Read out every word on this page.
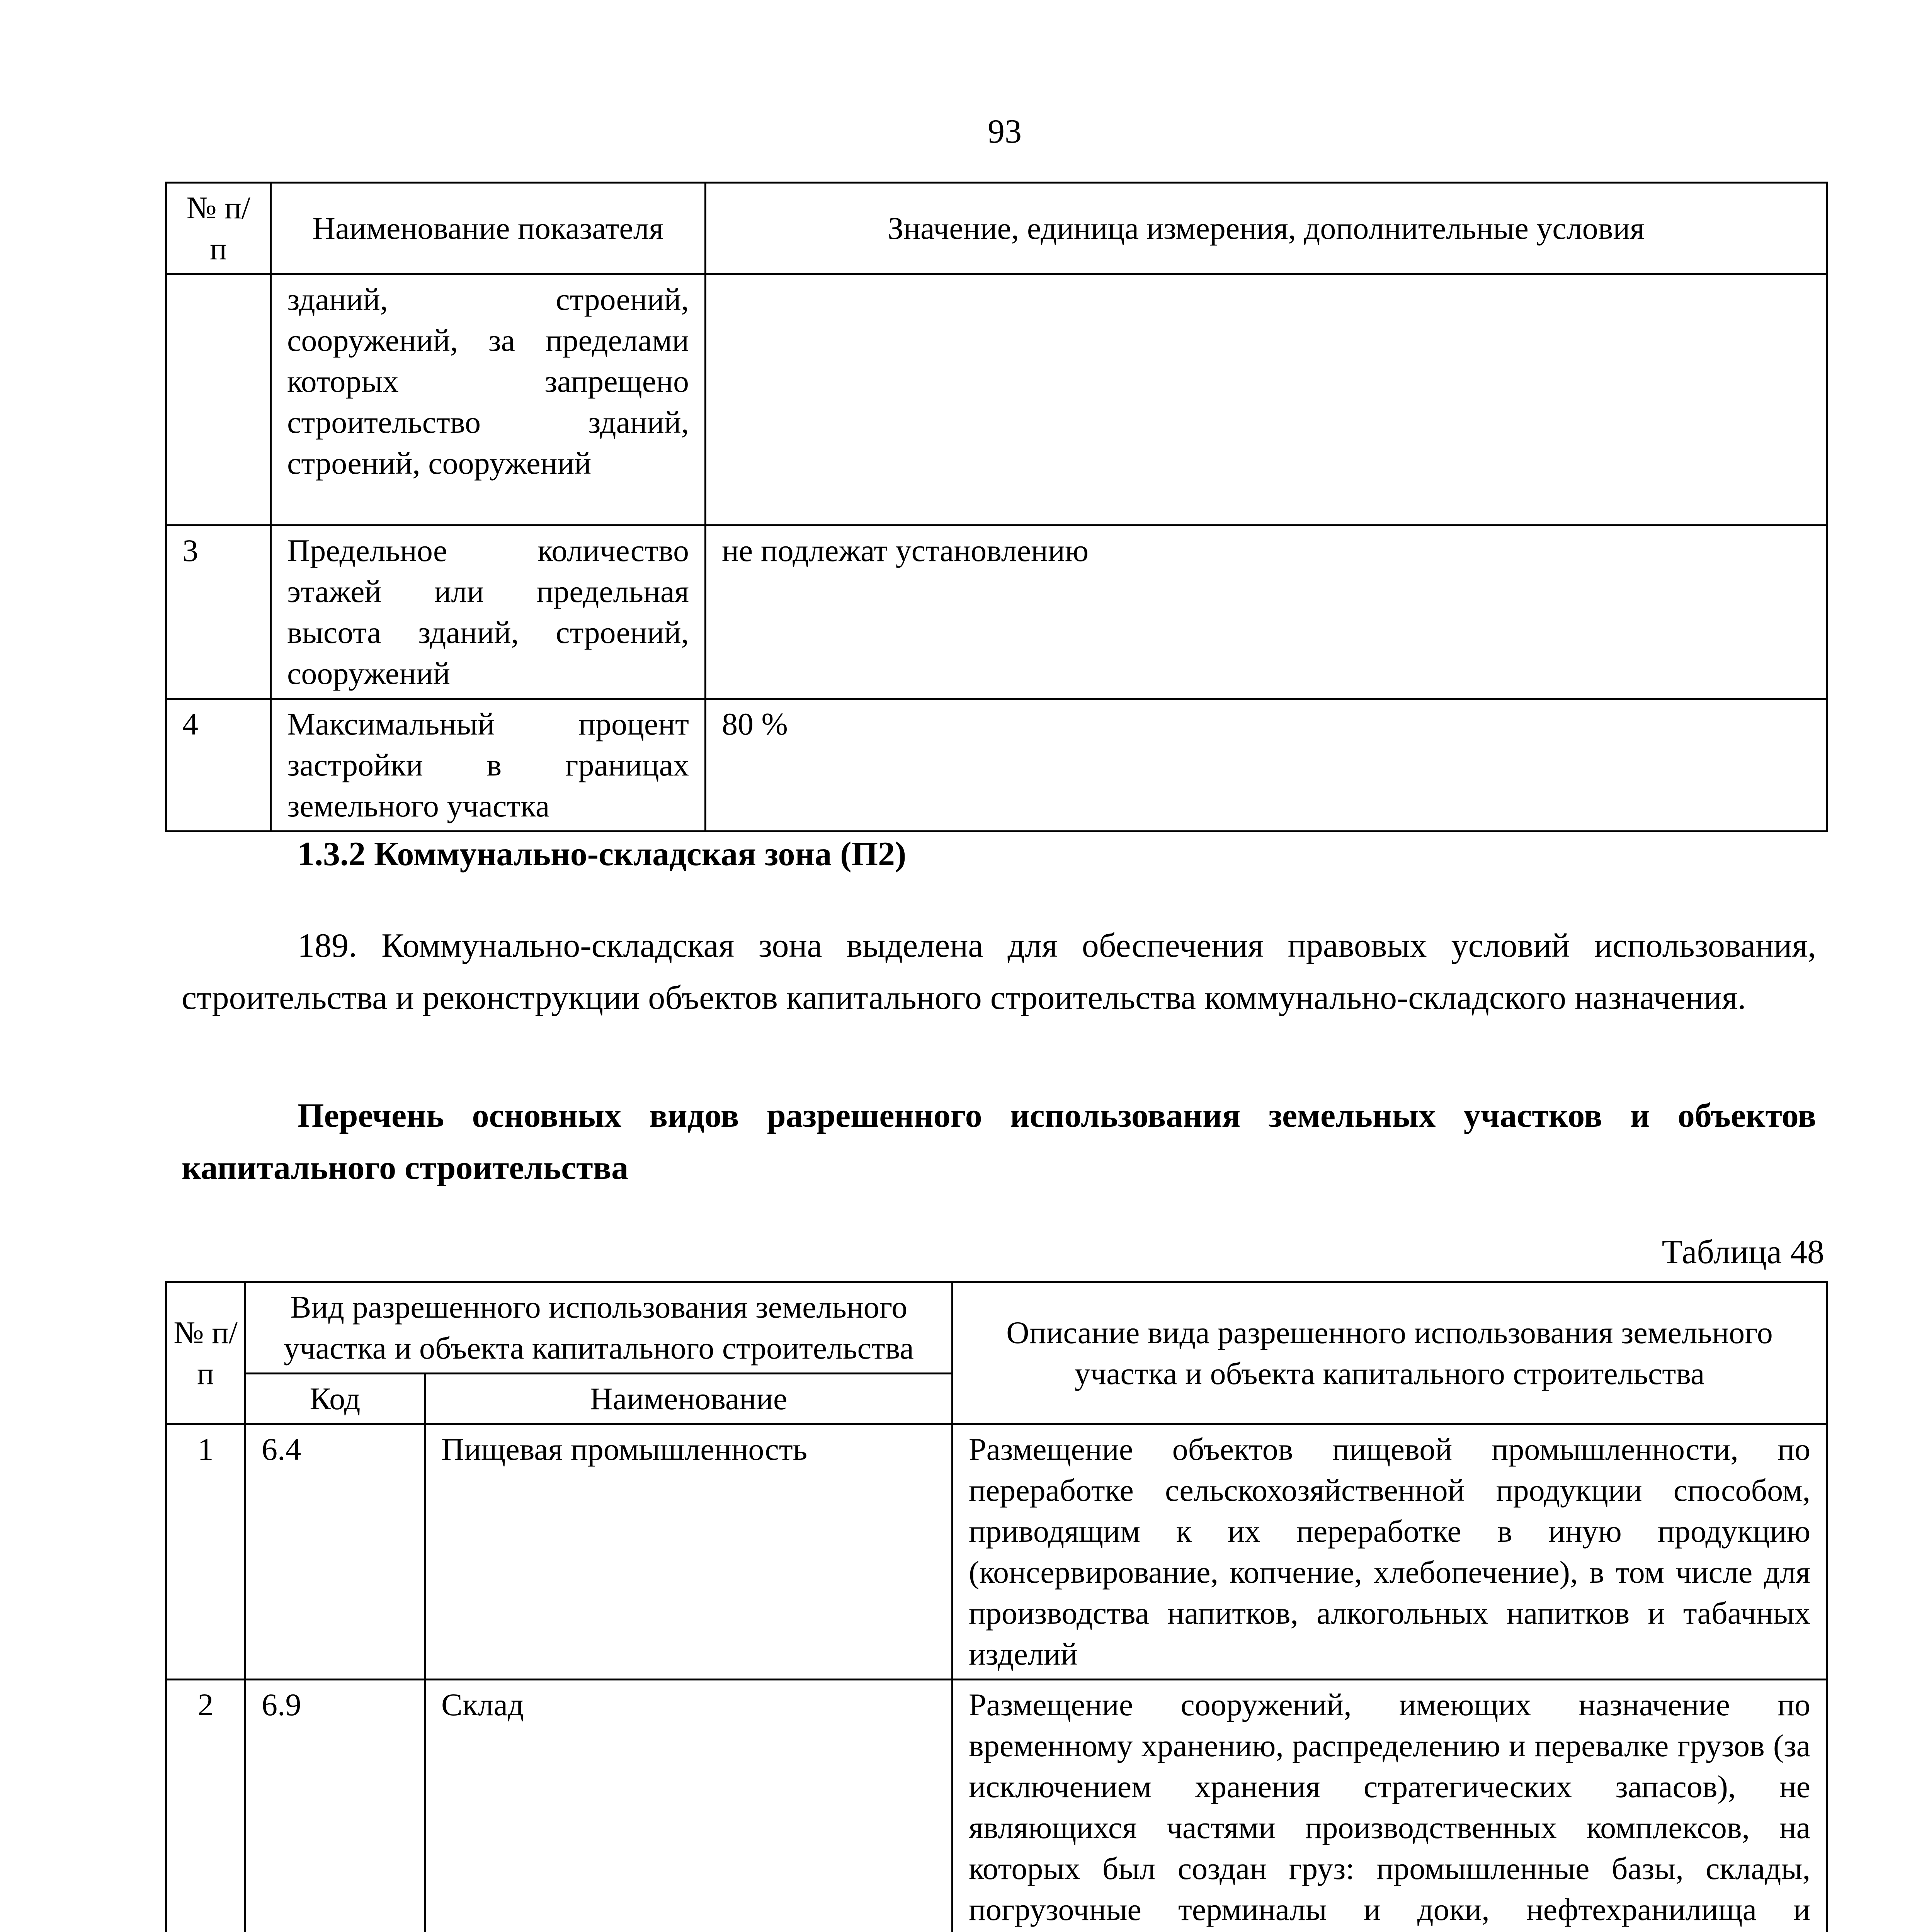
93
№ п/п	Наименование показателя	Значение, единица измерения, дополнительные условия
	зданий, строений, сооружений, за пределами которых запрещено строительство зданий, строений, сооружений	
3	Предельное количество этажей или предельная высота зданий, строений, сооружений	не подлежат установлению
4	Максимальный процент застройки в границах земельного участка	80 %
1.3.2 Коммунально-складская зона (П2)
189. Коммунально-складская зона выделена для обеспечения правовых условий использования, строительства и реконструкции объектов капитального строительства коммунально-складского назначения.
Перечень основных видов разрешенного использования земельных участков и объектов капитального строительства
Таблица 48
№ п/п	Вид разрешенного использования земельного участка и объекта капитального строительства		Описание вида разрешенного использования земельного участка и объекта капитального строительства
	Код	Наименование	
1	6.4	Пищевая промышленность	Размещение объектов пищевой промышленности, по переработке сельскохозяйственной продукции способом, приводящим к их переработке в иную продукцию (консервирование, копчение, хлебопечение), в том числе для производства напитков, алкогольных напитков и табачных изделий
2	6.9	Склад	Размещение сооружений, имеющих назначение по временному хранению, распределению и перевалке грузов (за исключением хранения стратегических запасов), не являющихся частями производственных комплексов, на которых был создан груз: промышленные базы, склады, погрузочные терминалы и доки, нефтехранилища и
